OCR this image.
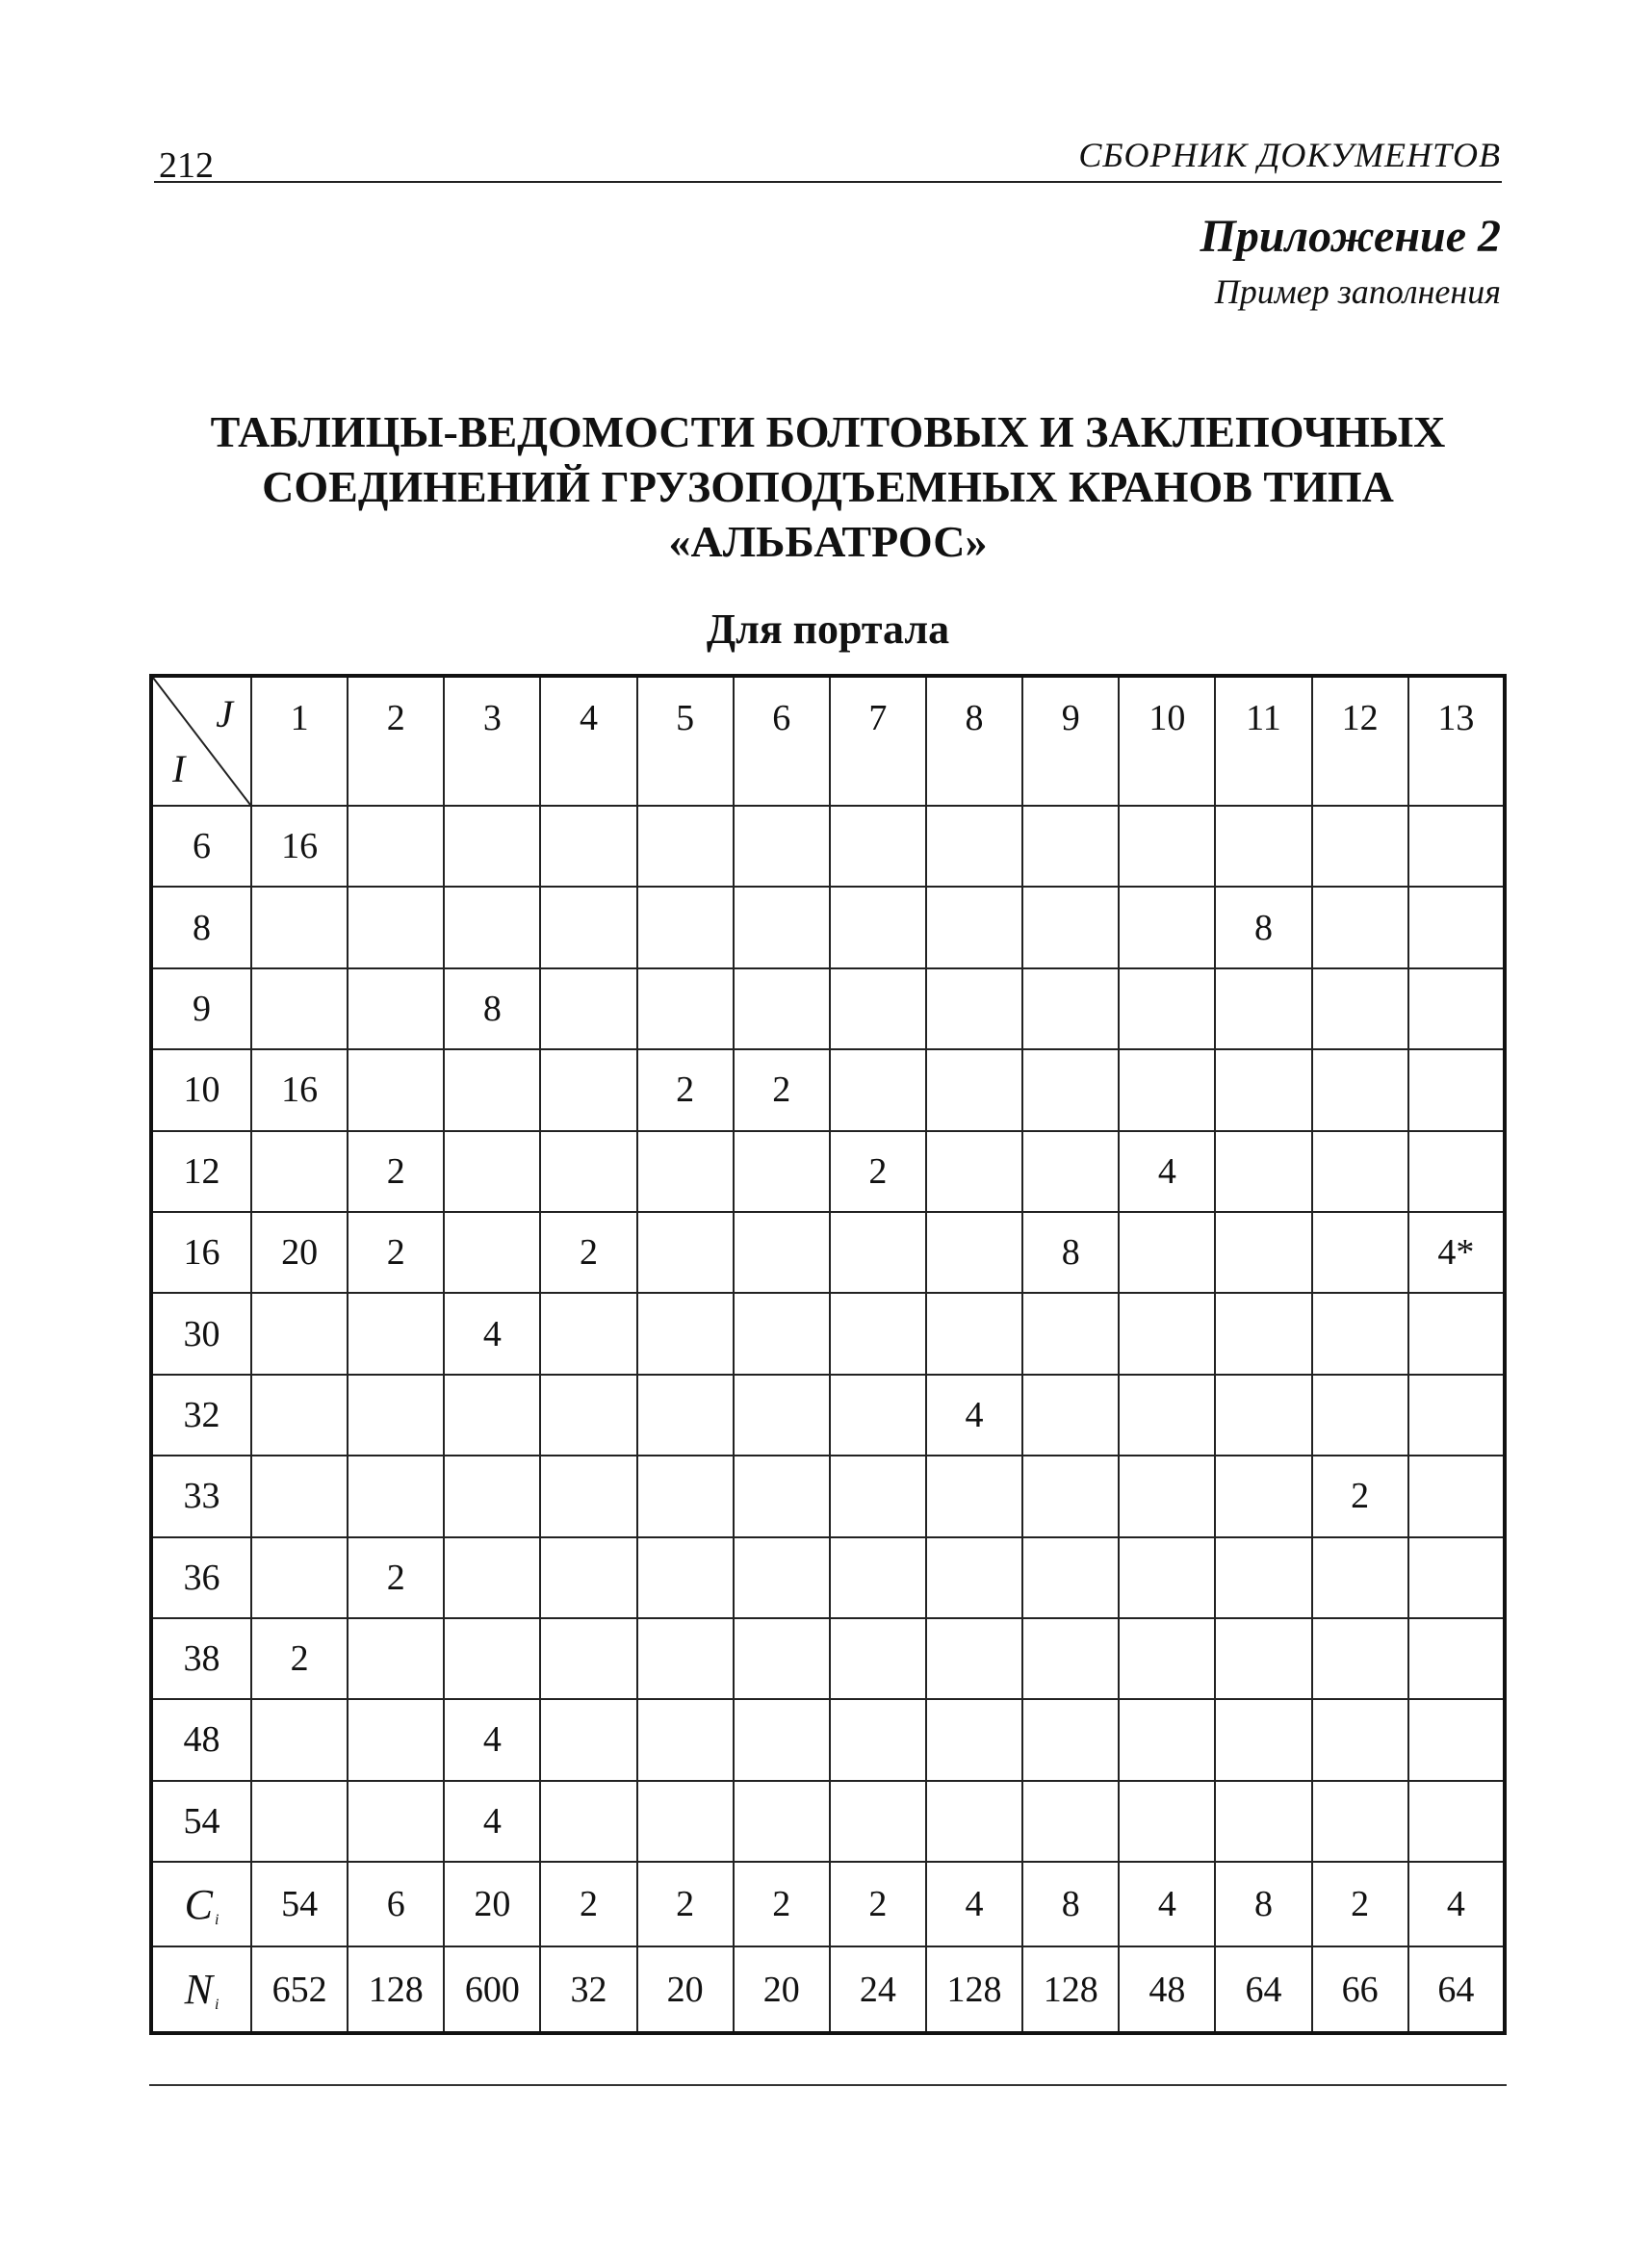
212	СБОРНИК ДОКУМЕНТОВ
Приложение 2
Пример заполнения
ТАБЛИЦЫ-ВЕДОМОСТИ БОЛТОВЫХ И ЗАКЛЕПОЧНЫХ
СОЕДИНЕНИЙ ГРУЗОПОДЪЕМНЫХ КРАНОВ ТИПА
«АЛЬБАТРОС»
Для портала
J
I	1	2	3	4	5	6	7	8	9	10	11	12	13
6	16												
8											8		
9			8										
10	16				2	2							
12		2					2			4			
16	20	2		2					8				4*
30			4										
32								4					
33												2	
36		2											
38	2												
48			4										
54			4										
C $_i$	54	6	20	2	2	2	2	4	8	4	8	2	4
N $_i$	652	128	600	32	20	20	24	128	128	48	64	66	64
